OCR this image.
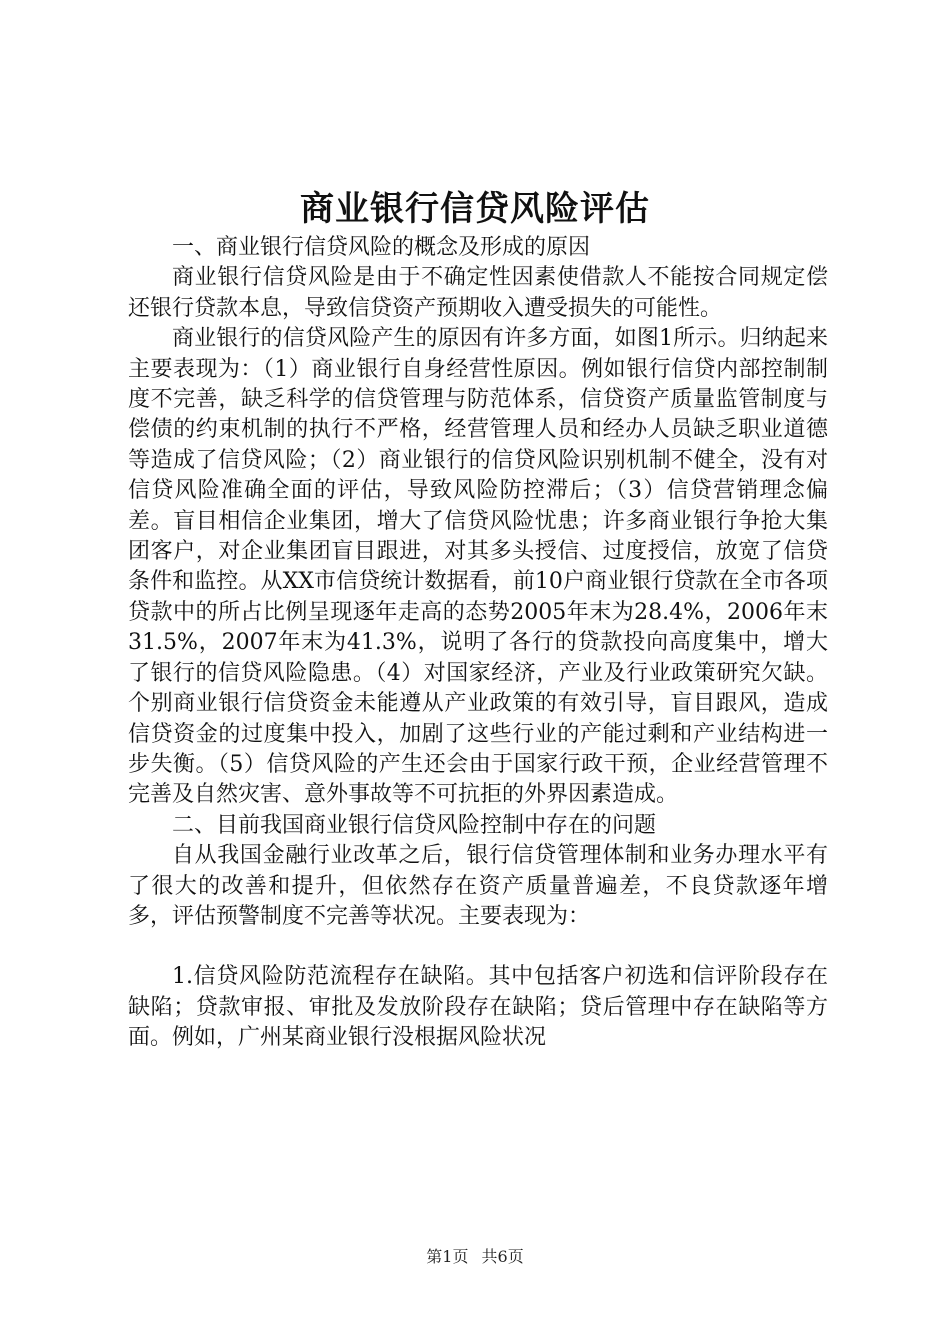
商业银行信贷风险评估

一、商业银行信贷风险的概念及形成的原因

商业银行信贷风险是由于不确定性因素使借款人不能按合同规定偿还银行贷款本息，导致信贷资产预期收入遭受损失的可能性。

商业银行的信贷风险产生的原因有许多方面，如图1所示。归纳起来主要表现为：（1）商业银行自身经营性原因。例如银行信贷内部控制制度不完善，缺乏科学的信贷管理与防范体系，信贷资产质量监管制度与偿债的约束机制的执行不严格，经营管理人员和经办人员缺乏职业道德等造成了信贷风险；（2）商业银行的信贷风险识别机制不健全，没有对信贷风险准确全面的评估，导致风险防控滞后；（3）信贷营销理念偏差。盲目相信企业集团，增大了信贷风险忧患；许多商业银行争抢大集团客户，对企业集团盲目跟进，对其多头授信、过度授信，放宽了信贷条件和监控。从XX市信贷统计数据看，前10户商业银行贷款在全市各项贷款中的所占比例呈现逐年走高的态势2005年末为28.4%，2006年末31.5%，2007年末为41.3%，说明了各行的贷款投向高度集中，增大了银行的信贷风险隐患。（4）对国家经济，产业及行业政策研究欠缺。个别商业银行信贷资金未能遵从产业政策的有效引导，盲目跟风，造成信贷资金的过度集中投入，加剧了这些行业的产能过剩和产业结构进一步失衡。（5）信贷风险的产生还会由于国家行政干预，企业经营管理不完善及自然灾害、意外事故等不可抗拒的外界因素造成。

二、目前我国商业银行信贷风险控制中存在的问题

自从我国金融行业改革之后，银行信贷管理体制和业务办理水平有了很大的改善和提升，但依然存在资产质量普遍差，不良贷款逐年增多，评估预警制度不完善等状况。主要表现为：

1.信贷风险防范流程存在缺陷。其中包括客户初选和信评阶段存在缺陷；贷款审报、审批及发放阶段存在缺陷；贷后管理中存在缺陷等方面。例如，广州某商业银行没根据风险状况

第1页 共6页
